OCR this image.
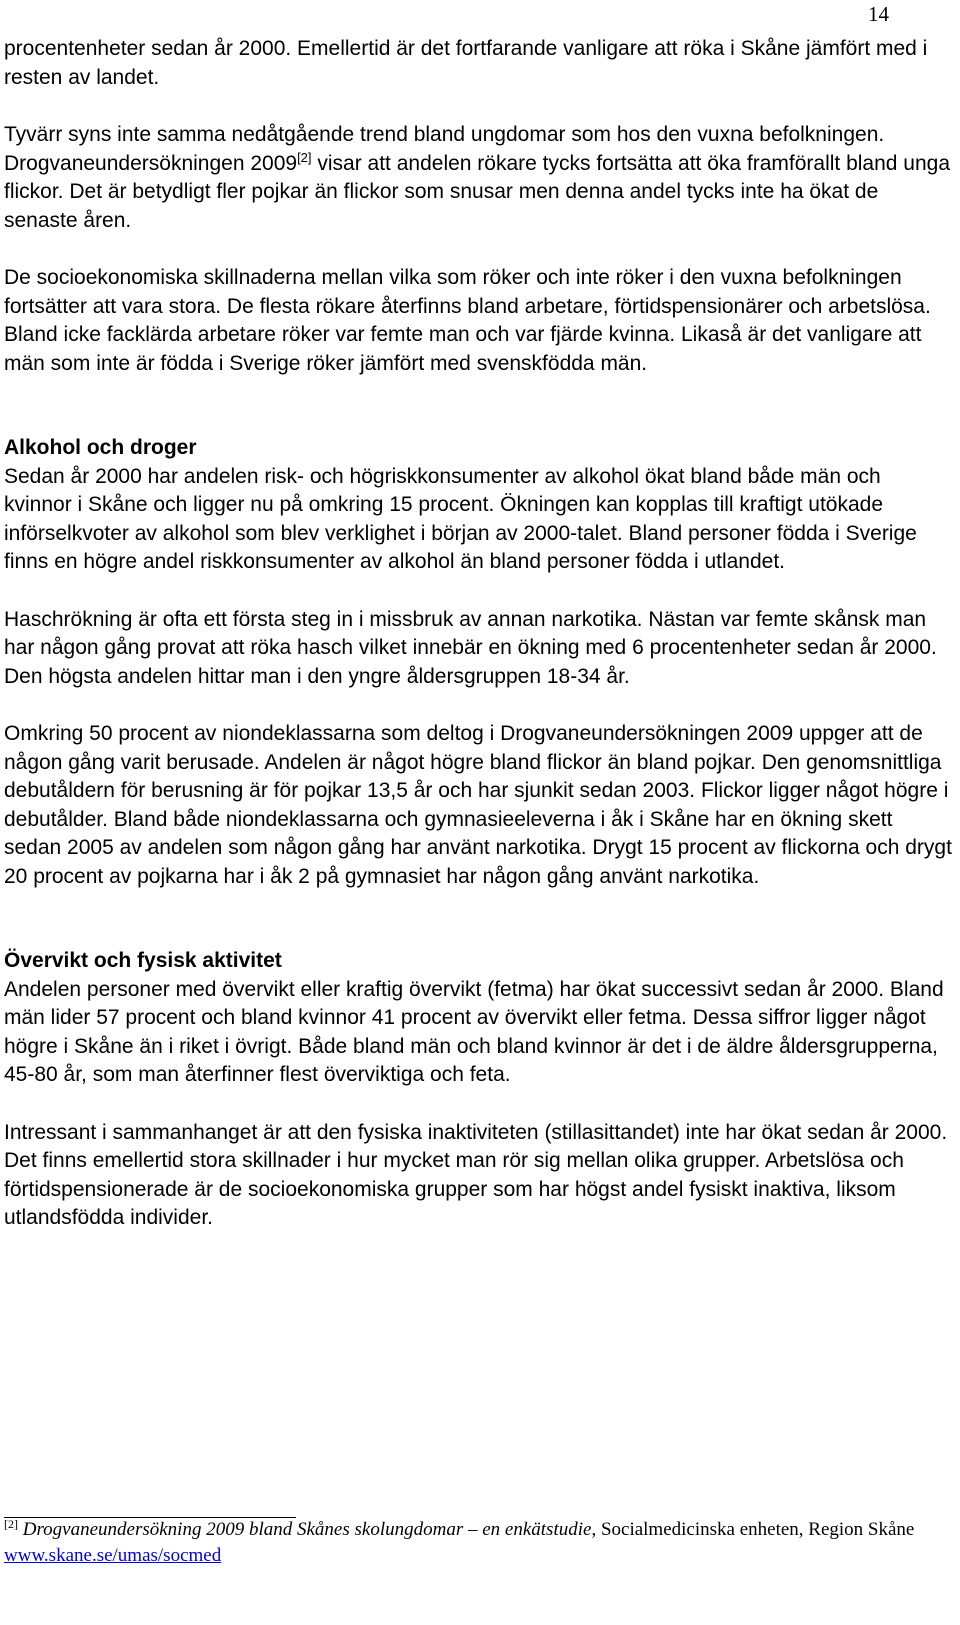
14

procentenheter sedan år 2000. Emellertid är det fortfarande vanligare att röka i Skåne jämfört med i resten av landet.

Tyvärr syns inte samma nedåtgående trend bland ungdomar som hos den vuxna befolkningen. Drogvaneundersökningen 2009[2] visar att andelen rökare tycks fortsätta att öka framförallt bland unga flickor. Det är betydligt fler pojkar än flickor som snusar men denna andel tycks inte ha ökat de senaste åren.

De socioekonomiska skillnaderna mellan vilka som röker och inte röker i den vuxna befolkningen fortsätter att vara stora. De flesta rökare återfinns bland arbetare, förtidspensionärer och arbetslösa. Bland icke facklärda arbetare röker var femte man och var fjärde kvinna. Likaså är det vanligare att män som inte är födda i Sverige röker jämfört med svenskfödda män.

Alkohol och droger

Sedan år 2000 har andelen risk- och högriskkonsumenter av alkohol ökat bland både män och kvinnor i Skåne och ligger nu på omkring 15 procent. Ökningen kan kopplas till kraftigt utökade införselkvoter av alkohol som blev verklighet i början av 2000-talet. Bland personer födda i Sverige finns en högre andel riskkonsumenter av alkohol än bland personer födda i utlandet.

Haschrökning är ofta ett första steg in i missbruk av annan narkotika. Nästan var femte skånsk man har någon gång provat att röka hasch vilket innebär en ökning med 6 procentenheter sedan år 2000. Den högsta andelen hittar man i den yngre åldersgruppen 18-34 år.

Omkring 50 procent av niondeklassarna som deltog i Drogvaneundersökningen 2009 uppger att de någon gång varit berusade. Andelen är något högre bland flickor än bland pojkar. Den genomsnittliga debutåldern för berusning är för pojkar 13,5 år och har sjunkit sedan 2003. Flickor ligger något högre i debutålder. Bland både niondeklassarna och gymnasieeleverna i åk i Skåne har en ökning skett sedan 2005 av andelen som någon gång har använt narkotika. Drygt 15 procent av flickorna och drygt 20 procent av pojkarna har i åk 2 på gymnasiet har någon gång använt narkotika.

Övervikt och fysisk aktivitet

Andelen personer med övervikt eller kraftig övervikt (fetma) har ökat successivt sedan år 2000. Bland män lider 57 procent och bland kvinnor 41 procent av övervikt eller fetma. Dessa siffror ligger något högre i Skåne än i riket i övrigt. Både bland män och bland kvinnor är det i de äldre åldersgrupperna, 45-80 år, som man återfinner flest överviktiga och feta.

Intressant i sammanhanget är att den fysiska inaktiviteten (stillasittandet) inte har ökat sedan år 2000. Det finns emellertid stora skillnader i hur mycket man rör sig mellan olika grupper. Arbetslösa och förtidspensionerade är de socioekonomiska grupper som har högst andel fysiskt inaktiva, liksom utlandsfödda individer.

[2] Drogvaneundersökning 2009 bland Skånes skolungdomar – en enkätstudie, Socialmedicinska enheten, Region Skåne www.skane.se/umas/socmed
